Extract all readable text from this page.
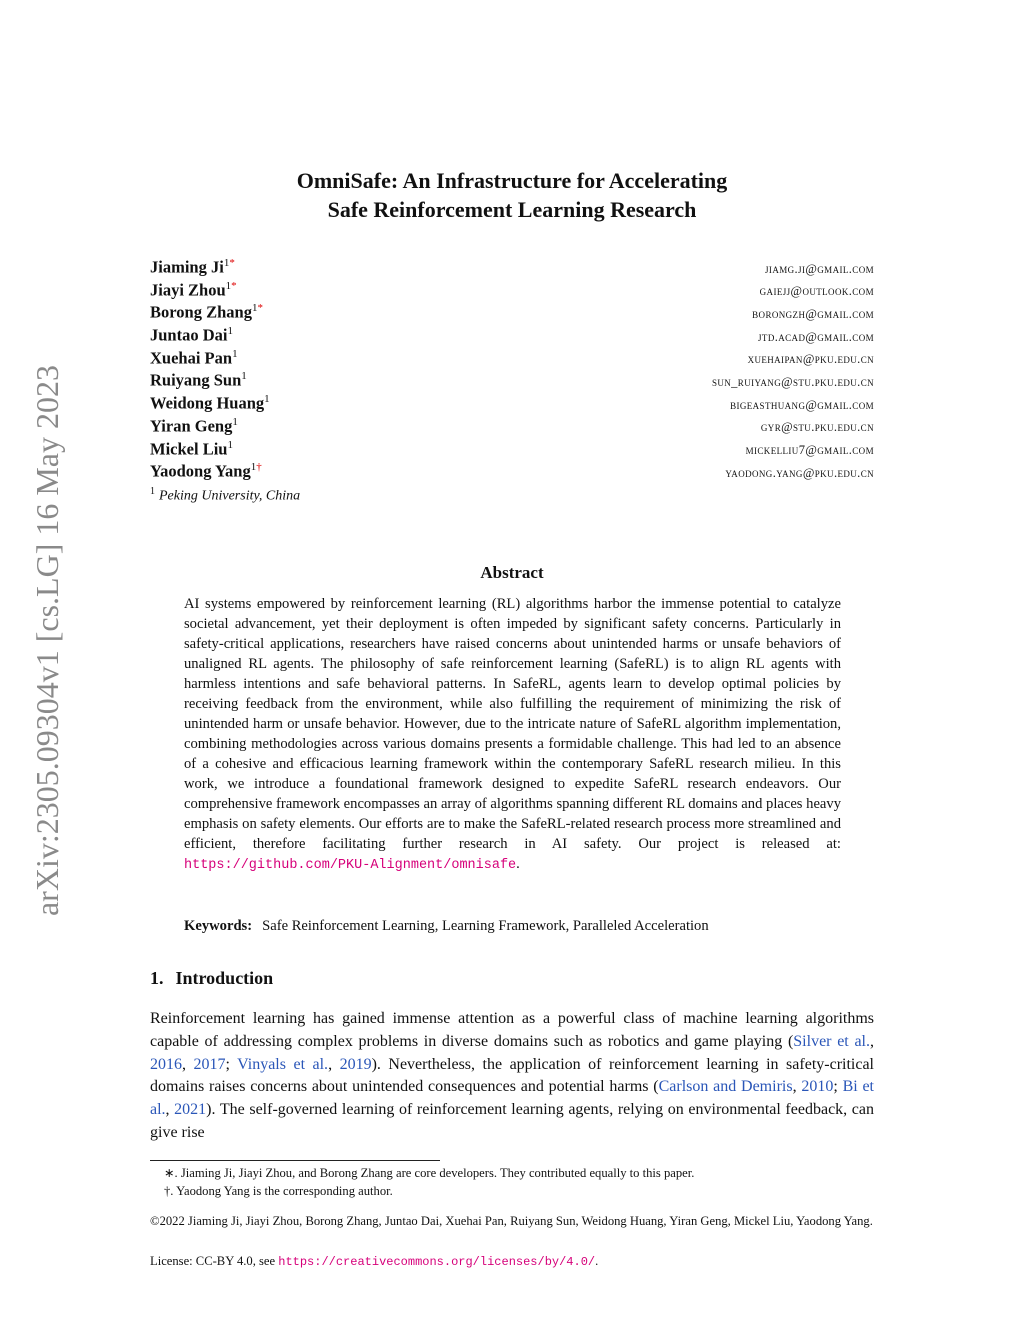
arXiv:2305.09304v1 [cs.LG] 16 May 2023
OmniSafe: An Infrastructure for Accelerating
Safe Reinforcement Learning Research
Jiaming $Ji^{1*}$	jiamg.ji@gmail.com
Jiayi Zhou$^{1*}$	gaiejj@outlook.com
Borong Zhang$^{1*}$	borongzh@gmail.com
Juntao Dai$^1$	jtd.acad@gmail.com
Xuehai Pan$^1$	xuehaipan@pku.edu.cn
Ruiyang Sun$^1$	sun_ruiyang@stu.pku.edu.cn
Weidong Huang$^1$	bigeasthuang@gmail.com
Yiran Geng$^1$	gyr@stu.pku.edu.cn
Mickel Liu$^1$	mickelliu7@gmail.com
Yaodong Yang$^{1\dagger}$	yaodong.yang@pku.edu.cn
$^1$ Peking University, China
Abstract
AI systems empowered by reinforcement learning (RL) algorithms harbor the immense potential to catalyze societal advancement, yet their deployment is often impeded by significant safety concerns. Particularly in safety-critical applications, researchers have raised concerns about unintended harms or unsafe behaviors of unaligned RL agents. The philosophy of safe reinforcement learning (SafeRL) is to align RL agents with harmless intentions and safe behavioral patterns. In SafeRL, agents learn to develop optimal policies by receiving feedback from the environment, while also fulfilling the requirement of minimizing the risk of unintended harm or unsafe behavior. However, due to the intricate nature of SafeRL algorithm implementation, combining methodologies across various domains presents a formidable challenge. This had led to an absence of a cohesive and efficacious learning framework within the contemporary SafeRL research milieu. In this work, we introduce a foundational framework designed to expedite SafeRL research endeavors. Our comprehensive framework encompasses an array of algorithms spanning different RL domains and places heavy emphasis on safety elements. Our efforts are to make the SafeRL-related research process more streamlined and efficient, therefore facilitating further research in AI safety. Our project is released at: https://github.com/PKU-Alignment/omnisafe.
Keywords: Safe Reinforcement Learning, Learning Framework, Paralleled Acceleration
1. Introduction
Reinforcement learning has gained immense attention as a powerful class of machine learning algorithms capable of addressing complex problems in diverse domains such as robotics and game playing (Silver et al., 2016, 2017; Vinyals et al., 2019). Nevertheless, the application of reinforcement learning in safety-critical domains raises concerns about unintended consequences and potential harms (Carlson and Demiris, 2010; Bi et al., 2021). The self-governed learning of reinforcement learning agents, relying on environmental feedback, can give rise
∗. Jiaming Ji, Jiayi Zhou, and Borong Zhang are core developers. They contributed equally to this paper.
†. Yaodong Yang is the corresponding author.
©2022 Jiaming Ji, Jiayi Zhou, Borong Zhang, Juntao Dai, Xuehai Pan, Ruiyang Sun, Weidong Huang, Yiran Geng, Mickel Liu, Yaodong Yang.
License: CC-BY 4.0, see https://creativecommons.org/licenses/by/4.0/.
